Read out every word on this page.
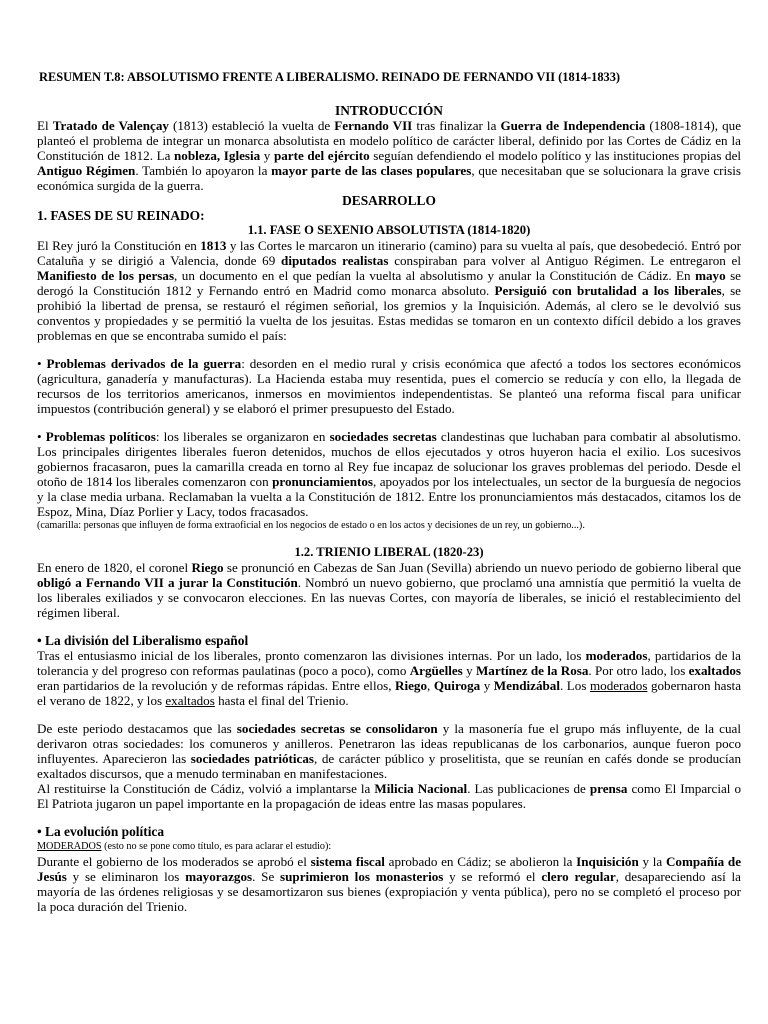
RESUMEN T.8: ABSOLUTISMO FRENTE A LIBERALISMO. REINADO DE FERNANDO VII (1814-1833)
INTRODUCCIÓN

El Tratado de Valençay (1813) estableció la vuelta de Fernando VII tras finalizar la Guerra de Independencia (1808-1814), que planteó el problema de integrar un monarca absolutista en modelo político de carácter liberal, definido por las Cortes de Cádiz en la Constitución de 1812. La nobleza, Iglesia y parte del ejército seguían defendiendo el modelo político y las instituciones propias del Antiguo Régimen. También lo apoyaron la mayor parte de las clases populares, que necesitaban que se solucionara la grave crisis económica surgida de la guerra.

DESARROLLO
1. FASES DE SU REINADO:
1.1. FASE O SEXENIO ABSOLUTISTA (1814-1820)

El Rey juró la Constitución en 1813 y las Cortes le marcaron un itinerario (camino) para su vuelta al país, que desobedeció. Entró por Cataluña y se dirigió a Valencia, donde 69 diputados realistas conspiraban para volver al Antiguo Régimen. Le entregaron el Manifiesto de los persas, un documento en el que pedían la vuelta al absolutismo y anular la Constitución de Cádiz. En mayo se derogó la Constitución 1812 y Fernando entró en Madrid como monarca absoluto. Persiguió con brutalidad a los liberales, se prohibió la libertad de prensa, se restauró el régimen señorial, los gremios y la Inquisición. Además, al clero se le devolvió sus conventos y propiedades y se permitió la vuelta de los jesuitas. Estas medidas se tomaron en un contexto difícil debido a los graves problemas en que se encontraba sumido el país:

• Problemas derivados de la guerra: desorden en el medio rural y crisis económica que afectó a todos los sectores económicos (agricultura, ganadería y manufacturas). La Hacienda estaba muy resentida, pues el comercio se reducía y con ello, la llegada de recursos de los territorios americanos, inmersos en movimientos independentistas. Se planteó una reforma fiscal para unificar impuestos (contribución general) y se elaboró el primer presupuesto del Estado.

• Problemas políticos: los liberales se organizaron en sociedades secretas clandestinas que luchaban para combatir al absolutismo. Los principales dirigentes liberales fueron detenidos, muchos de ellos ejecutados y otros huyeron hacia el exilio. Los sucesivos gobiernos fracasaron, pues la camarilla creada en torno al Rey fue incapaz de solucionar los graves problemas del periodo. Desde el otoño de 1814 los liberales comenzaron con pronunciamientos, apoyados por los intelectuales, un sector de la burguesía de negocios y la clase media urbana. Reclamaban la vuelta a la Constitución de 1812. Entre los pronunciamientos más destacados, citamos los de Espoz, Mina, Díaz Porlier y Lacy, todos fracasados.

(camarilla: personas que influyen de forma extraoficial en los negocios de estado o en los actos y decisiones de un rey, un gobierno...).

1.2. TRIENIO LIBERAL (1820-23)

En enero de 1820, el coronel Riego se pronunció en Cabezas de San Juan (Sevilla) abriendo un nuevo periodo de gobierno liberal que obligó a Fernando VII a jurar la Constitución. Nombró un nuevo gobierno, que proclamó una amnistía que permitió la vuelta de los liberales exiliados y se convocaron elecciones. En las nuevas Cortes, con mayoría de liberales, se inició el restablecimiento del régimen liberal.

• La división del Liberalismo español

Tras el entusiasmo inicial de los liberales, pronto comenzaron las divisiones internas. Por un lado, los moderados, partidarios de la tolerancia y del progreso con reformas paulatinas (poco a poco), como Argüelles y Martínez de la Rosa. Por otro lado, los exaltados eran partidarios de la revolución y de reformas rápidas. Entre ellos, Riego, Quiroga y Mendizábal. Los moderados gobernaron hasta el verano de 1822, y los exaltados hasta el final del Trienio.

De este periodo destacamos que las sociedades secretas se consolidaron y la masonería fue el grupo más influyente, de la cual derivaron otras sociedades: los comuneros y anilleros. Penetraron las ideas republicanas de los carbonarios, aunque fueron poco influyentes. Aparecieron las sociedades patrióticas, de carácter público y proselitista, que se reunían en cafés donde se producían exaltados discursos, que a menudo terminaban en manifestaciones.

Al restituirse la Constitución de Cádiz, volvió a implantarse la Milicia Nacional. Las publicaciones de prensa como El Imparcial o El Patriota jugaron un papel importante en la propagación de ideas entre las masas populares.

• La evolución política
MODERADOS (esto no se pone como título, es para aclarar el estudio):

Durante el gobierno de los moderados se aprobó el sistema fiscal aprobado en Cádiz; se abolieron la Inquisición y la Compañía de Jesús y se eliminaron los mayorazgos. Se suprimieron los monasterios y se reformó el clero regular, desapareciendo así la mayoría de las órdenes religiosas y se desamortizaron sus bienes (expropiación y venta pública), pero no se completó el proceso por la poca duración del Trienio.
